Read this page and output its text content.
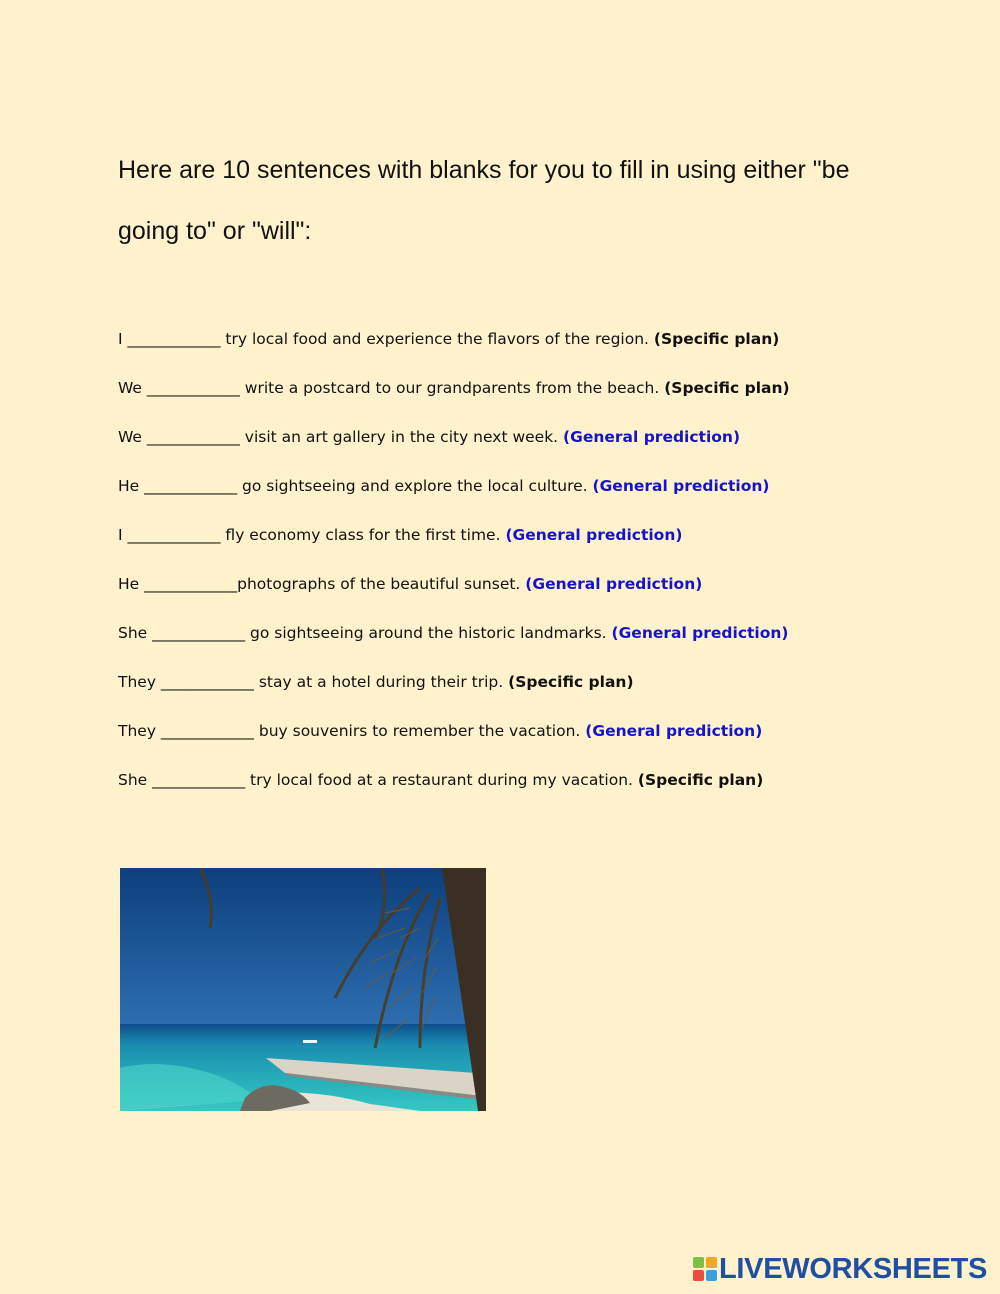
Here are 10 sentences with blanks for you to fill in using either "be going to" or "will":
I ____________ try local food and experience the flavors of the region. (Specific plan)
We ____________ write a postcard to our grandparents from the beach. (Specific plan)
We ____________ visit an art gallery in the city next week. (General prediction)
He ____________ go sightseeing and explore the local culture. (General prediction)
I ____________ fly economy class for the first time. (General prediction)
He ____________photographs of the beautiful sunset. (General prediction)
She ____________ go sightseeing around the historic landmarks. (General prediction)
They ____________ stay at a hotel during their trip. (Specific plan)
They ____________ buy souvenirs to remember the vacation. (General prediction)
She ____________ try local food at a restaurant during my vacation. (Specific plan)
LIVEWORKSHEETS
